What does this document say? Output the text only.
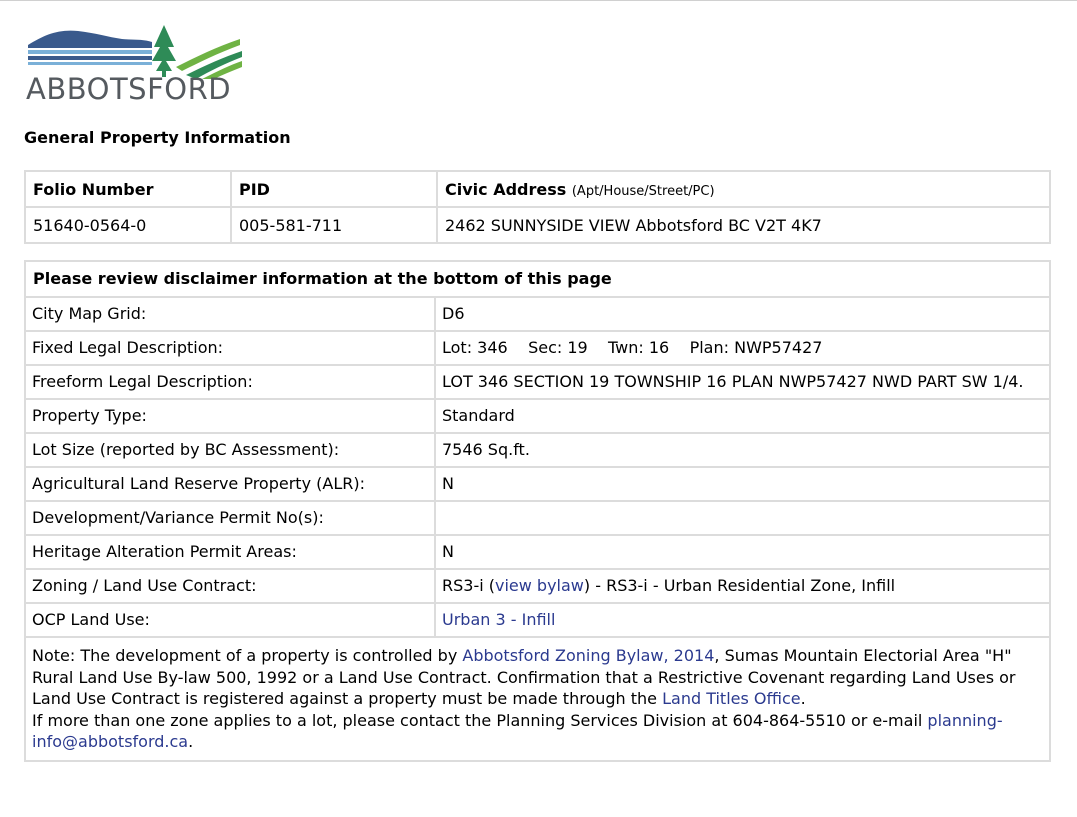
ABBOTSFORD
General Property Information
Folio Number	PID	Civic Address (Apt/House/Street/PC)
51640-0564-0	005-581-711	2462 SUNNYSIDE VIEW Abbotsford BC V2T 4K7
Please review disclaimer information at the bottom of this page	
City Map Grid:	D6
Fixed Legal Description:	Lot: 346 Sec: 19 Twn: 16 Plan: NWP57427
Freeform Legal Description:	LOT 346 SECTION 19 TOWNSHIP 16 PLAN NWP57427 NWD PART SW 1/4.
Property Type:	Standard
Lot Size (reported by BC Assessment):	7546 Sq.ft.
Agricultural Land Reserve Property (ALR):	N
Development/Variance Permit No(s):	
Heritage Alteration Permit Areas:	N
Zoning / Land Use Contract:	RS3-i (view bylaw) - RS3-i - Urban Residential Zone, Infill
OCP Land Use:	Urban 3 - Infill
Note: The development of a property is controlled by Abbotsford Zoning Bylaw, 2014, Sumas Mountain Electorial Area "H" Rural Land Use By-law 500, 1992 or a Land Use Contract. Confirmation that a Restrictive Covenant regarding Land Uses or Land Use Contract is registered against a property must be made through the Land Titles Office.
If more than one zone applies to a lot, please contact the Planning Services Division at 604-864-5510 or e-mail planning-info@abbotsford.ca.	
